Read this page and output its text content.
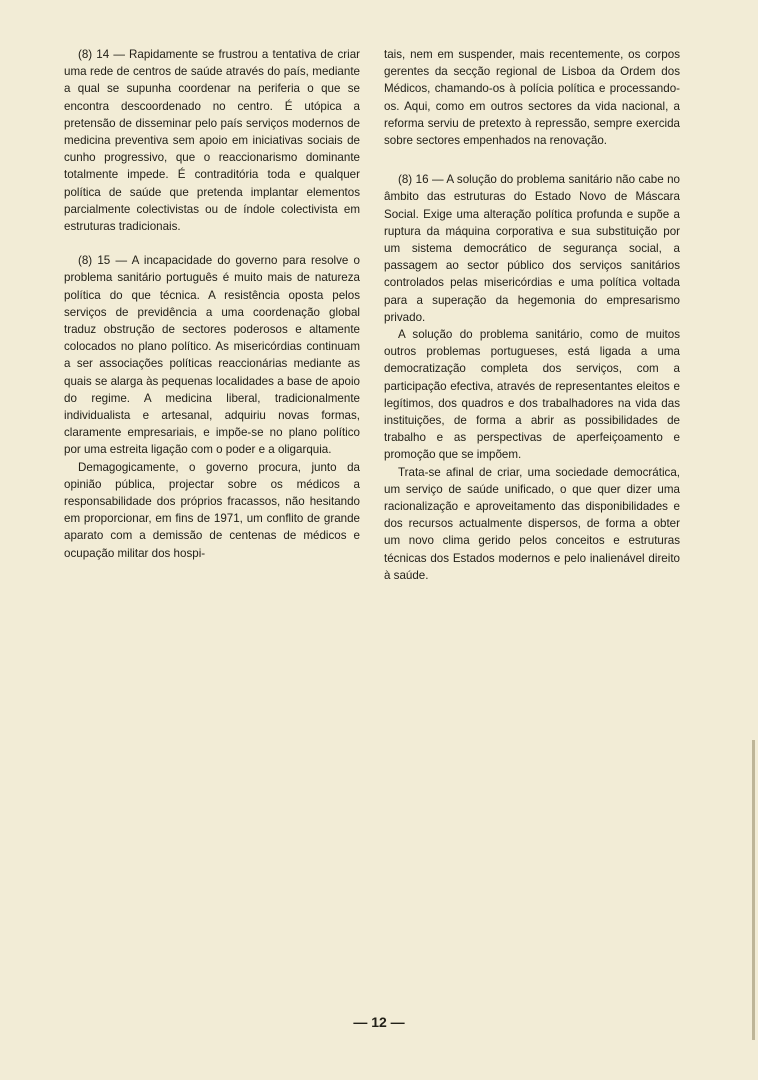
(8) 14 — Rapidamente se frustrou a tentativa de criar uma rede de centros de saúde através do país, mediante a qual se supunha coordenar na periferia o que se encontra descoordenado no centro. É utópica a pretensão de disseminar pelo país serviços modernos de medicina preventiva sem apoio em iniciativas sociais de cunho progressivo, que o reaccionarismo dominante totalmente impede. É contraditória toda e qualquer política de saúde que pretenda implantar elementos parcialmente colectivistas ou de índole colectivista em estruturas tradicionais.

(8) 15 — A incapacidade do governo para resolve o problema sanitário português é muito mais de natureza política do que técnica. A resistência oposta pelos serviços de previdência a uma coordenação global traduz obstrução de sectores poderosos e altamente colocados no plano político. As misericórdias continuam a ser associações políticas reaccionárias mediante as quais se alarga às pequenas localidades a base de apoio do regime. A medicina liberal, tradicionalmente individualista e artesanal, adquiriu novas formas, claramente empresariais, e impõe-se no plano político por uma estreita ligação com o poder e a oligarquia.

Demagogicamente, o governo procura, junto da opinião pública, projectar sobre os médicos a responsabilidade dos próprios fracassos, não hesitando em proporcionar, em fins de 1971, um conflito de grande aparato com a demissão de centenas de médicos e ocupação militar dos hospi-

tais, nem em suspender, mais recentemente, os corpos gerentes da secção regional de Lisboa da Ordem dos Médicos, chamando-os à polícia política e processando-os. Aqui, como em outros sectores da vida nacional, a reforma serviu de pretexto à repressão, sempre exercida sobre sectores empenhados na renovação.

(8) 16 — A solução do problema sanitário não cabe no âmbito das estruturas do Estado Novo de Máscara Social. Exige uma alteração política profunda e supõe a ruptura da máquina corporativa e sua substituição por um sistema democrático de segurança social, a passagem ao sector público dos serviços sanitários controlados pelas misericórdias e uma política voltada para a superação da hegemonia do empresarismo privado.

A solução do problema sanitário, como de muitos outros problemas portugueses, está ligada a uma democratização completa dos serviços, com a participação efectiva, através de representantes eleitos e legítimos, dos quadros e dos trabalhadores na vida das instituições, de forma a abrir as possibilidades de trabalho e as perspectivas de aperfeiçoamento e promoção que se impõem.

Trata-se afinal de criar, uma sociedade democrática, um serviço de saúde unificado, o que quer dizer uma racionalização e aproveitamento das disponibilidades e dos recursos actualmente dispersos, de forma a obter um novo clima gerido pelos conceitos e estruturas técnicas dos Estados modernos e pelo inalienável direito à saúde.

— 12 —
